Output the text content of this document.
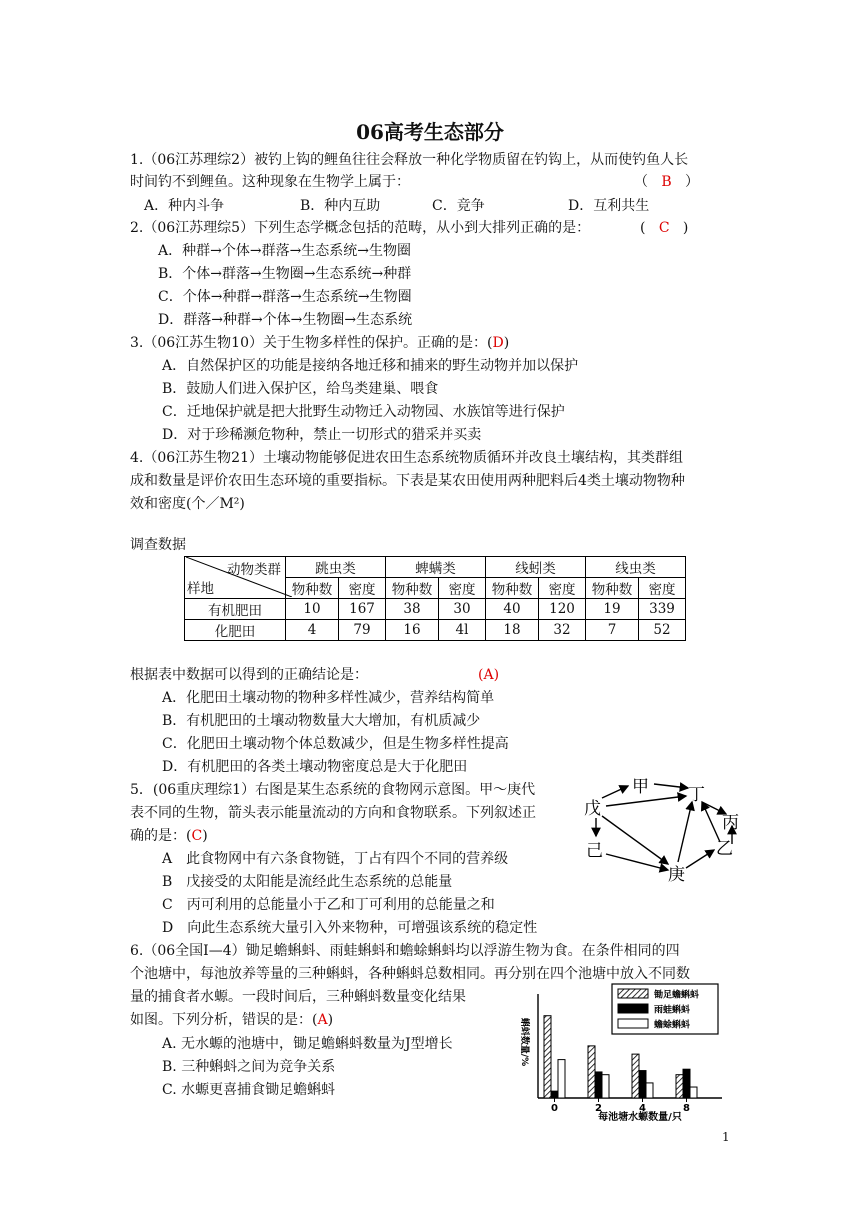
06高考生态部分
1.（06江苏理综2）被钓上钩的鲤鱼往往会释放一种化学物质留在钓钩上，从而使钓鱼人长
时间钓不到鲤鱼。这种现象在生物学上属于：	（   B   ）
A．种内斗争	B．种内互助	C．竞争	D．互利共生
2.（06江苏理综5）下列生态学概念包括的范畴，从小到大排列正确的是：	(   C   )
A．种群→个体→群落→生态系统→生物圈
B．个体→群落→生物圈→生态系统→种群
C．个体→种群→群落→生态系统→生物圈
D．群落→种群→个体→生物圈→生态系统
3.（06江苏生物10）关于生物多样性的保护。正确的是：(D)
A．自然保护区的功能是接纳各地迁移和捕来的野生动物并加以保护
B．鼓励人们进入保护区，给鸟类建巢、喂食
C．迁地保护就是把大批野生动物迁入动物园、水族馆等进行保护
D．对于珍稀濒危物种，禁止一切形式的猎采并买卖
4.（06江苏生物21）土壤动物能够促进农田生态系统物质循环并改良土壤结构，其类群组
成和数量是评价农田生态环境的重要指标。下表是某农田使用两种肥料后4类土壤动物物种
效和密度(个／M²)
调查数据
动物类群
样地	跳虫类		蜱螨类		线蚓类		线虫类	
	物种数	密度	物种数	密度	物种数	密度	物种数	密度
有机肥田	10	167	38	30	40	120	19	339
化肥田	4	79	16	4l	18	32	7	52
根据表中数据可以得到的正确结论是：	(A)
A．化肥田土壤动物的物种多样性减少，营养结构简单
B．有机肥田的土壤动物数量大大增加，有机质减少
C．化肥田土壤动物个体总数减少，但是生物多样性提高
D．有机肥田的各类土壤动物密度总是大于化肥田
5．(06重庆理综1）右图是某生态系统的食物网示意图。甲～庚代
表不同的生物，箭头表示能量流动的方向和食物联系。下列叙述正
确的是：(C)
A　此食物网中有六条食物链，丁占有四个不同的营养级
B　戊接受的太阳能是流经此生态系统的总能量
C　丙可利用的总能量小于乙和丁可利用的总能量之和
D　向此生态系统大量引入外来物种，可增强该系统的稳定性
甲 丁
戊
丙
己	乙
庚
6.（06全国Ⅰ—4）锄足蟾蝌蚪、雨蛙蝌蚪和蟾蜍蝌蚪均以浮游生物为食。在条件相同的四
个池塘中，每池放养等量的三种蝌蚪，各种蝌蚪总数相同。再分别在四个池塘中放入不同数
量的捕食者水螈。一段时间后，三种蝌蚪数量变化结果
如图。下列分析，错误的是：(A)
A. 无水螈的池塘中，锄足蟾蝌蚪数量为J型增长
B. 三种蝌蚪之间为竞争关系
C. 水螈更喜捕食锄足蟾蝌蚪
锄足蟾蝌蚪
雨蛙蝌蚪
蟾蜍蝌蚪
0	2	4	8
每池塘水螈数量/只
蝌蚪数量/%
1
